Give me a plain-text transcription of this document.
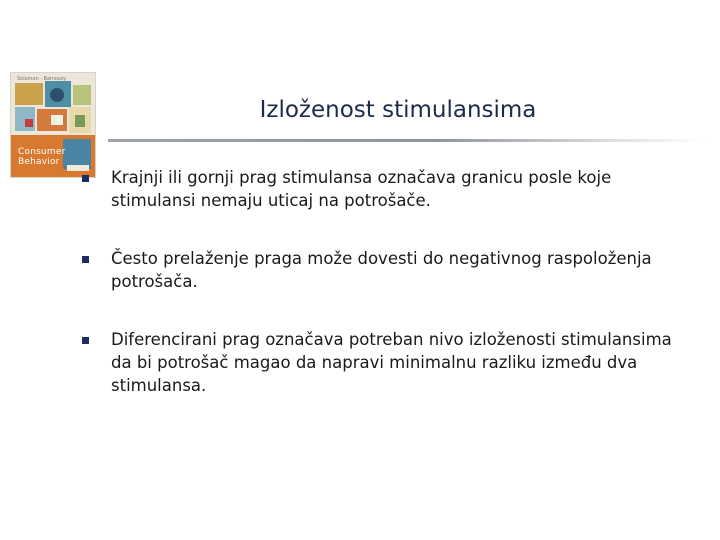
Solomon · Bamossy
Consumer
Behavior
Izloženost stimulansima
Krajnji ili gornji prag stimulansa označava granicu posle koje stimulansi nemaju uticaj na potrošače.
Često prelaženje praga može dovesti do negativnog raspoloženja potrošača.
Diferencirani prag označava potreban nivo izloženosti stimulansima da bi potrošač magao da napravi minimalnu razliku između dva stimulansa.
